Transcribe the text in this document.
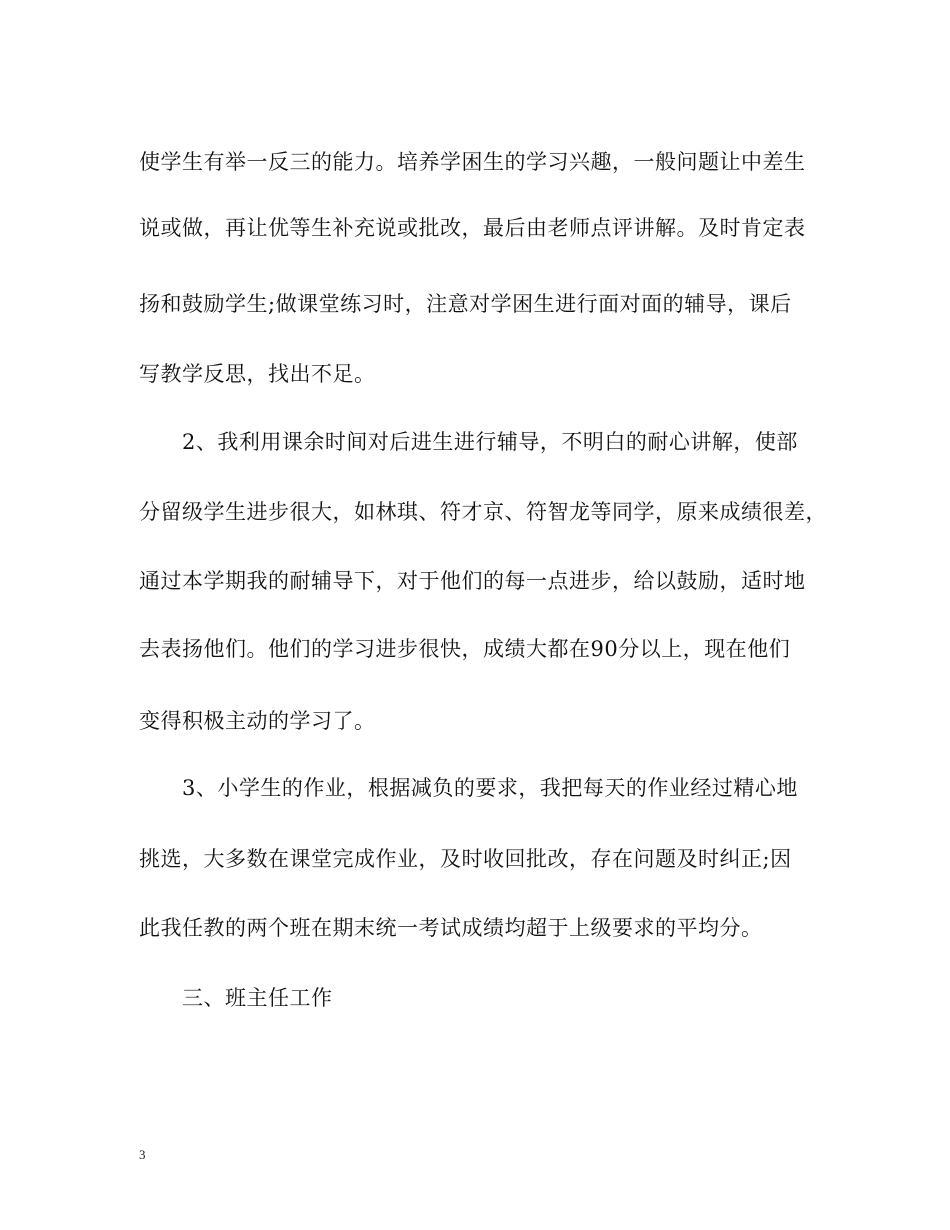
使学生有举一反三的能力。培养学困生的学习兴趣，一般问题让中差生
说或做，再让优等生补充说或批改，最后由老师点评讲解。及时肯定表
扬和鼓励学生;做课堂练习时，注意对学困生进行面对面的辅导，课后
写教学反思，找出不足。
2、我利用课余时间对后进生进行辅导，不明白的耐心讲解，使部
分留级学生进步很大，如林琪、符才京、符智龙等同学，原来成绩很差，
通过本学期我的耐辅导下，对于他们的每一点进步，给以鼓励，适时地
去表扬他们。他们的学习进步很快，成绩大都在90分以上，现在他们
变得积极主动的学习了。
3、小学生的作业，根据减负的要求，我把每天的作业经过精心地
挑选，大多数在课堂完成作业，及时收回批改，存在问题及时纠正;因
此我任教的两个班在期末统一考试成绩均超于上级要求的平均分。
三、班主任工作
3
